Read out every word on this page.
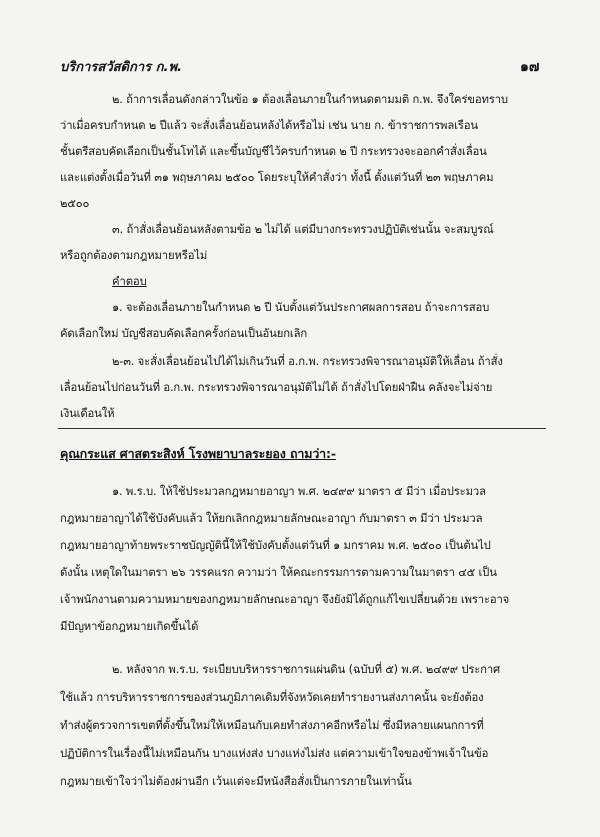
บริการสวัสดิการ ก.พ.	๑๗
๒. ถ้าการเลื่อนดังกล่าวในข้อ ๑ ต้องเลื่อนภายในกำหนดตามมติ ก.พ. จึงใคร่ขอทราบ
ว่าเมื่อครบกำหนด ๒ ปีแล้ว จะสั่งเลื่อนย้อนหลังได้หรือไม่ เช่น นาย ก. ข้าราชการพลเรือน
ชั้นตรีสอบคัดเลือกเป็นชั้นโทได้ และขึ้นบัญชีไว้ครบกำหนด ๒ ปี กระทรวงจะออกคำสั่งเลื่อน
และแต่งตั้งเมื่อวันที่ ๓๑ พฤษภาคม ๒๕๐๐ โดยระบุให้คำสั่งว่า ทั้งนี้ ตั้งแต่วันที่ ๒๓ พฤษภาคม
๒๕๐๐
๓. ถ้าสั่งเลื่อนย้อนหลังตามข้อ ๒ ไม่ได้ แต่มีบางกระทรวงปฏิบัติเช่นนั้น จะสมบูรณ์
หรือถูกต้องตามกฎหมายหรือไม่
คำตอบ
๑. จะต้องเลื่อนภายในกำหนด ๒ ปี นับตั้งแต่วันประกาศผลการสอบ ถ้าจะการสอบ
คัดเลือกใหม่ บัญชีสอบคัดเลือกครั้งก่อนเป็นอันยกเลิก
๒-๓. จะสั่งเลื่อนย้อนไปได้ไม่เกินวันที่ อ.ก.พ. กระทรวงพิจารณาอนุมัติให้เลื่อน ถ้าสั่ง
เลื่อนย้อนไปก่อนวันที่ อ.ก.พ. กระทรวงพิจารณาอนุมัติไม่ได้ ถ้าสั่งไปโดยฝ่าฝืน คลังจะไม่จ่าย
เงินเดือนให้
คุณกระแส ศาสตระสิงห์ โรงพยาบาลระยอง ถามว่า:-
๑. พ.ร.บ. ให้ใช้ประมวลกฎหมายอาญา พ.ศ. ๒๔๙๙ มาตรา ๕ มีว่า เมื่อประมวล
กฎหมายอาญาได้ใช้บังคับแล้ว ให้ยกเลิกกฎหมายลักษณะอาญา กับมาตรา ๓ มีว่า ประมวล
กฎหมายอาญาท้ายพระราชบัญญัตินี้ให้ใช้บังคับตั้งแต่วันที่ ๑ มกราคม พ.ศ. ๒๕๐๐ เป็นต้นไป
ดังนั้น เหตุใดในมาตรา ๒๖ วรรคแรก ความว่า ให้คณะกรรมการตามความในมาตรา ๔๕ เป็น
เจ้าพนักงานตามความหมายของกฎหมายลักษณะอาญา จึงยังมิได้ถูกแก้ไขเปลี่ยนด้วย เพราะอาจ
มีปัญหาข้อกฎหมายเกิดขึ้นได้
๒. หลังจาก พ.ร.บ. ระเบียบบริหารราชการแผ่นดิน (ฉบับที่ ๕) พ.ศ. ๒๔๙๙ ประกาศ
ใช้แล้ว การบริหารราชการของส่วนภูมิภาคเดิมที่จังหวัดเคยทำรายงานส่งภาคนั้น จะยังต้อง
ทำส่งผู้ตรวจการเขตที่ตั้งขึ้นใหม่ให้เหมือนกับเคยทำส่งภาคอีกหรือไม่ ซึ่งมีหลายแผนกการที่
ปฏิบัติการในเรื่องนี้ไม่เหมือนกัน บางแห่งส่ง บางแห่งไม่ส่ง แต่ความเข้าใจของข้าพเจ้าในข้อ
กฎหมายเข้าใจว่าไม่ต้องผ่านอีก เว้นแต่จะมีหนังสือสั่งเป็นการภายในเท่านั้น
